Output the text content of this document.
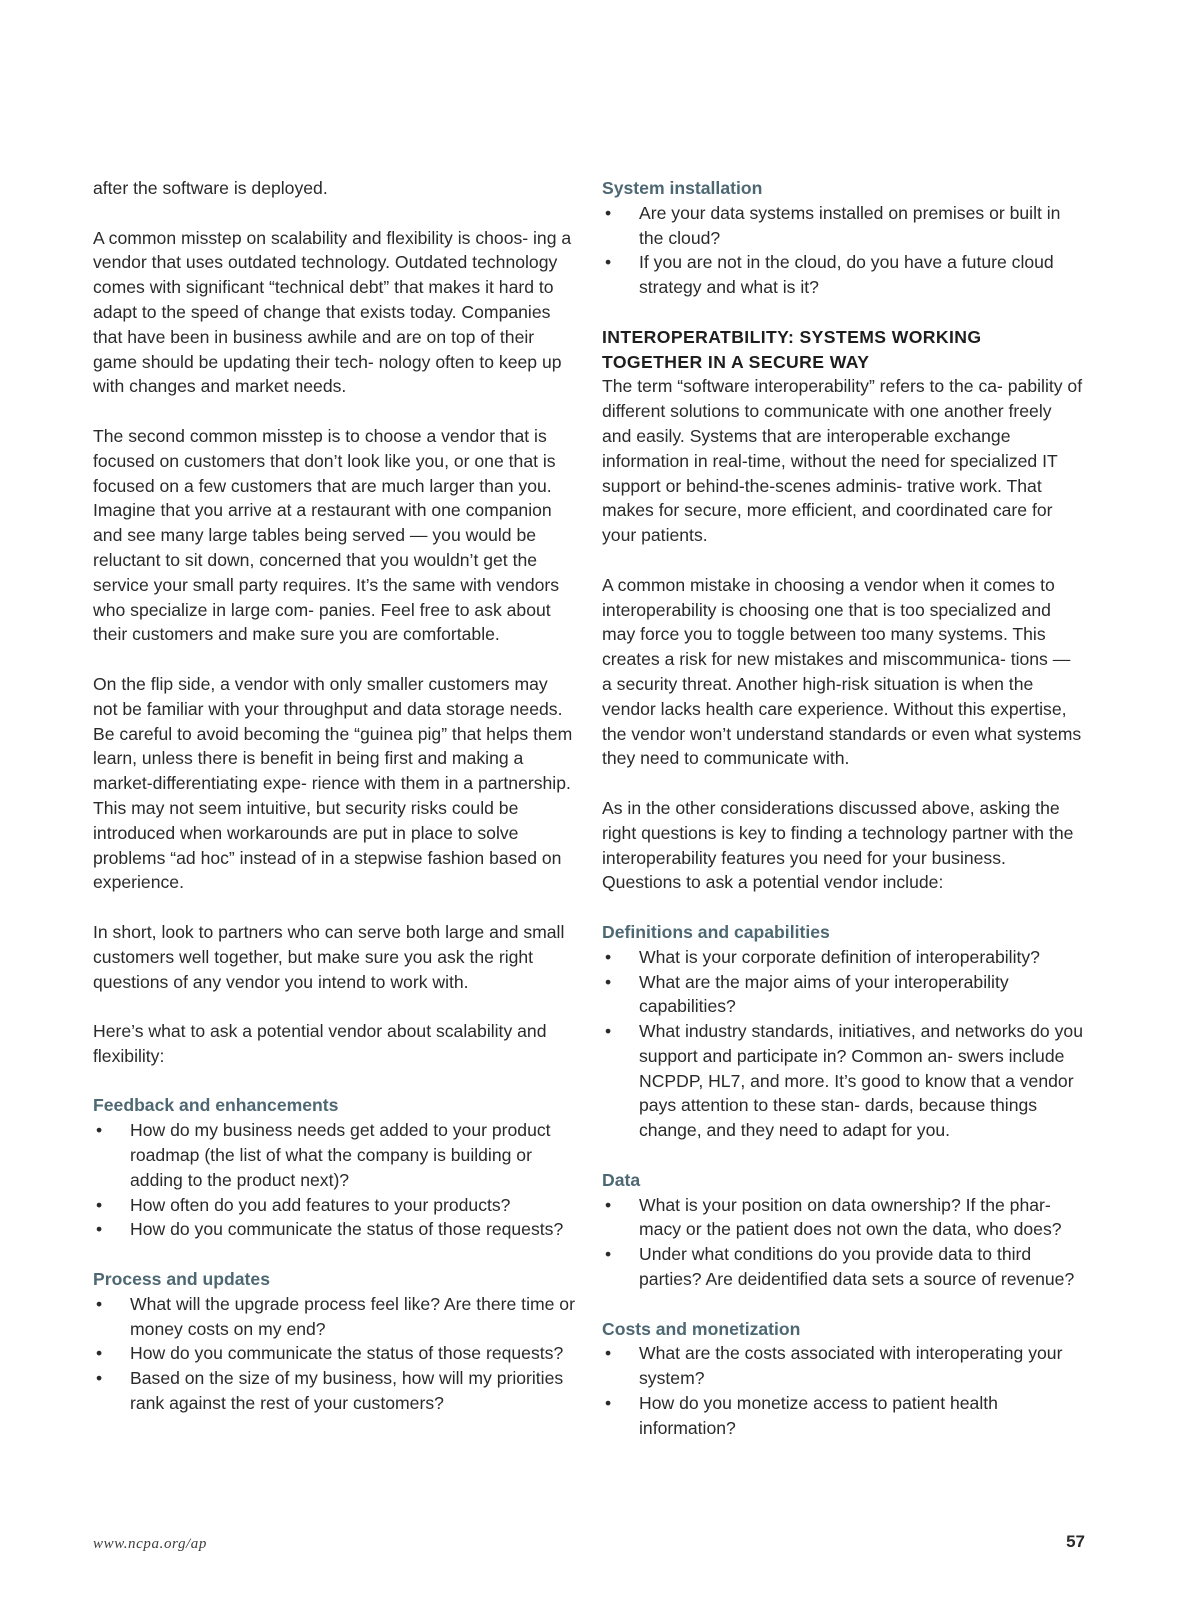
after the software is deployed.

A common misstep on scalability and flexibility is choos- ing a vendor that uses outdated technology. Outdated technology comes with significant “technical debt” that makes it hard to adapt to the speed of change that exists today. Companies that have been in business awhile and are on top of their game should be updating their tech- nology often to keep up with changes and market needs.

The second common misstep is to choose a vendor that is focused on customers that don’t look like you, or one that is focused on a few customers that are much larger than you. Imagine that you arrive at a restaurant with one companion and see many large tables being served — you would be reluctant to sit down, concerned that you wouldn’t get the service your small party requires. It’s the same with vendors who specialize in large com- panies. Feel free to ask about their customers and make sure you are comfortable.

On the flip side, a vendor with only smaller customers may not be familiar with your throughput and data storage needs. Be careful to avoid becoming the “guinea pig” that helps them learn, unless there is benefit in being first and making a market-differentiating expe- rience with them in a partnership. This may not seem intuitive, but security risks could be introduced when workarounds are put in place to solve problems “ad hoc” instead of in a stepwise fashion based on experience.

In short, look to partners who can serve both large and small customers well together, but make sure you ask the right questions of any vendor you intend to work with.

Here’s what to ask a potential vendor about scalability and flexibility:

Feedback and enhancements
• How do my business needs get added to your product roadmap (the list of what the company is building or adding to the product next)?
• How often do you add features to your products?
• How do you communicate the status of those requests?
Process and updates
• What will the upgrade process feel like? Are there time or money costs on my end?
• How do you communicate the status of those requests?
• Based on the size of my business, how will my priorities rank against the rest of your customers?
System installation
• Are your data systems installed on premises or built in the cloud?
• If you are not in the cloud, do you have a future cloud strategy and what is it?
INTEROPERATBILITY: SYSTEMS WORKING
TOGETHER IN A SECURE WAY

The term “software interoperability” refers to the ca- pability of different solutions to communicate with one another freely and easily. Systems that are interoperable exchange information in real-time, without the need for specialized IT support or behind-the-scenes adminis- trative work. That makes for secure, more efficient, and coordinated care for your patients.

A common mistake in choosing a vendor when it comes to interoperability is choosing one that is too specialized and may force you to toggle between too many systems. This creates a risk for new mistakes and miscommunica- tions — a security threat. Another high-risk situation is when the vendor lacks health care experience. Without this expertise, the vendor won’t understand standards or even what systems they need to communicate with.

As in the other considerations discussed above, asking the right questions is key to finding a technology partner with the interoperability features you need for your business. Questions to ask a potential vendor include:

Definitions and capabilities
• What is your corporate definition of interoperability?
• What are the major aims of your interoperability capabilities?
• What industry standards, initiatives, and networks do you support and participate in? Common an- swers include NCPDP, HL7, and more. It’s good to know that a vendor pays attention to these stan- dards, because things change, and they need to adapt for you.
Data
• What is your position on data ownership? If the phar- macy or the patient does not own the data, who does?
• Under what conditions do you provide data to third parties? Are deidentified data sets a source of revenue?
Costs and monetization
• What are the costs associated with interoperating your system?
• How do you monetize access to patient health information?
www.ncpa.org/ap	57
